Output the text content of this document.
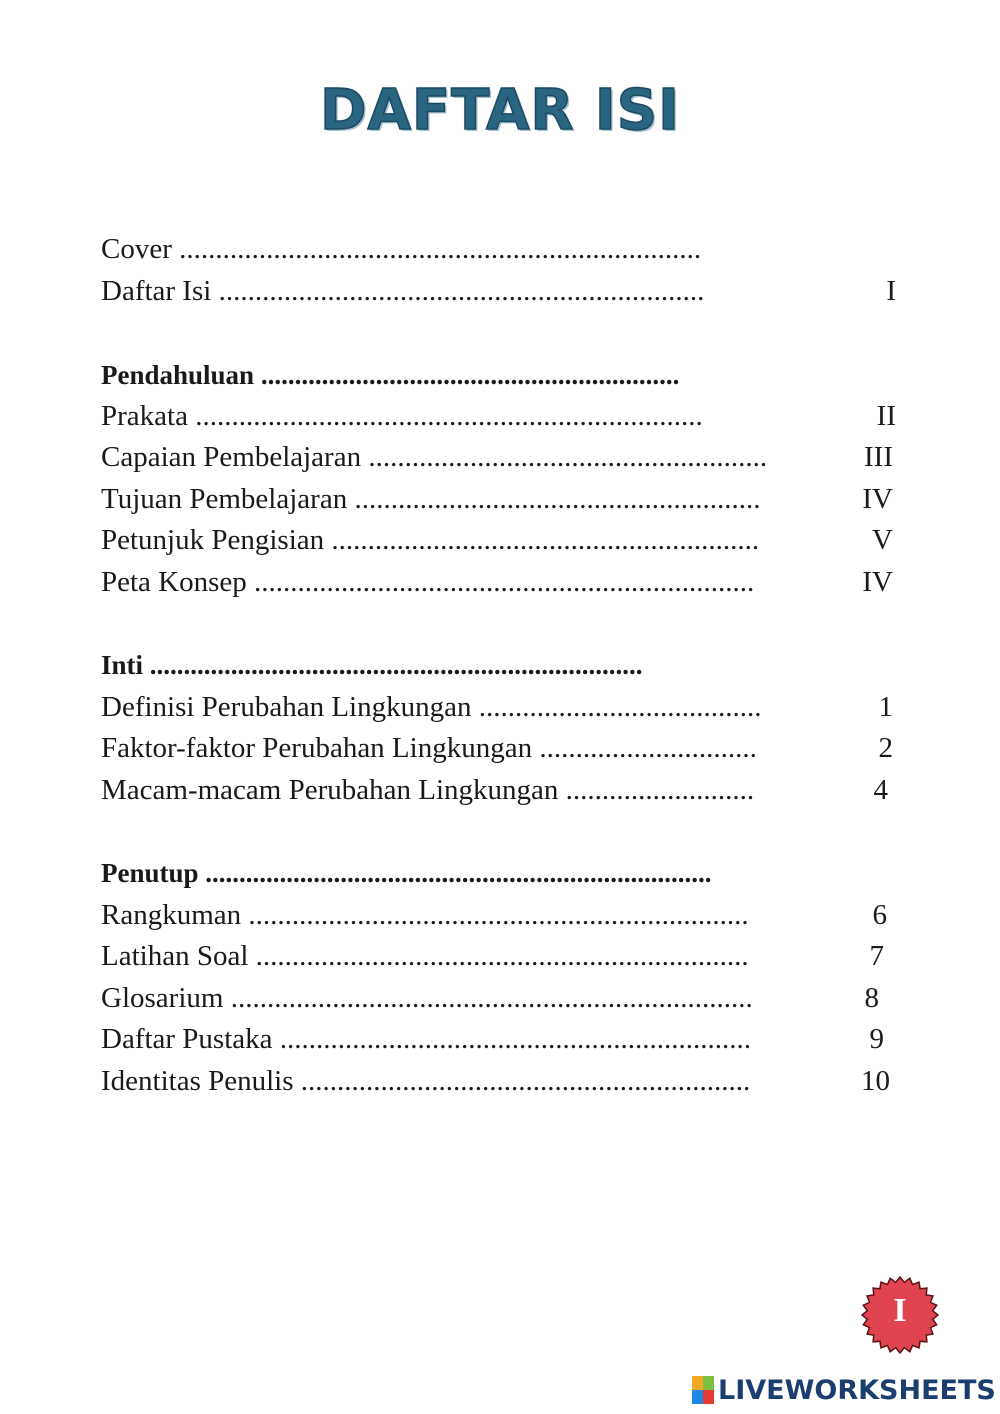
DAFTAR ISI
Cover ........................................................................
Daftar Isi ...................................................................	I
Pendahuluan ..............................................................
Prakata ......................................................................	II
Capaian Pembelajaran .......................................................	III
Tujuan Pembelajaran ........................................................	IV
Petunjuk Pengisian ...........................................................	V
Peta Konsep .....................................................................	IV
Inti .........................................................................
Definisi Perubahan Lingkungan .......................................	1
Faktor-faktor Perubahan Lingkungan ..............................	2
Macam-macam Perubahan Lingkungan ..........................	4
Penutup ...........................................................................
Rangkuman .....................................................................	6
Latihan Soal ....................................................................	7
Glosarium ........................................................................	8
Daftar Pustaka .................................................................	9
Identitas Penulis ..............................................................	10
I
LIVEWORKSHEETS
